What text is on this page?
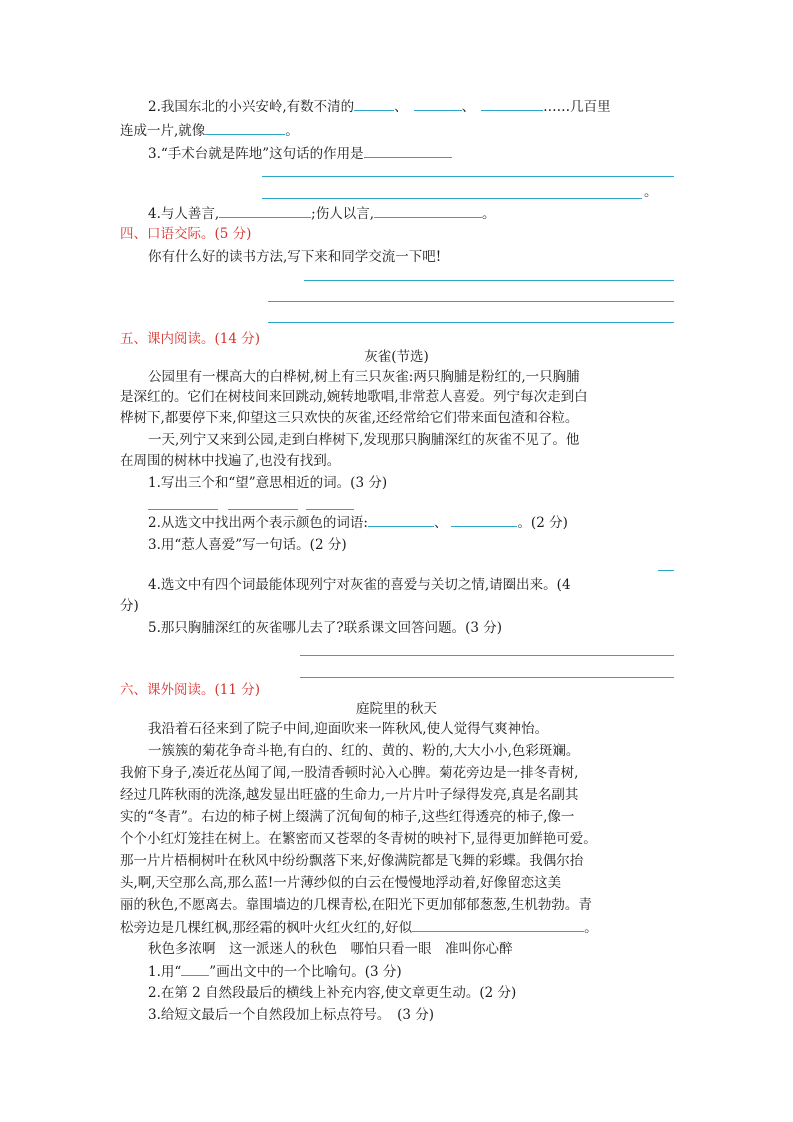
2.我国东北的小兴安岭,有数不清的	、	、	……几百里
连成一片,就像	。
3.“手术台就是阵地”这句话的作用是
。
4.与人善言,	;伤人以言,	。
四、口语交际。(5 分)
你有什么好的读书方法,写下来和同学交流一下吧!
五、课内阅读。(14 分)
灰雀(节选)
公园里有一棵高大的白桦树,树上有三只灰雀:两只胸脯是粉红的,一只胸脯
是深红的。它们在树枝间来回跳动,婉转地歌唱,非常惹人喜爱。列宁每次走到白
桦树下,都要停下来,仰望这三只欢快的灰雀,还经常给它们带来面包渣和谷粒。
一天,列宁又来到公园,走到白桦树下,发现那只胸脯深红的灰雀不见了。他
在周围的树林中找遍了,也没有找到。
1.写出三个和“望”意思相近的词。(3 分)
2.从选文中找出两个表示颜色的词语:	、	。(2 分)
3.用“惹人喜爱”写一句话。(2 分)
4.选文中有四个词最能体现列宁对灰雀的喜爱与关切之情,请圈出来。(4
分)
5.那只胸脯深红的灰雀哪儿去了?联系课文回答问题。(3 分)
六、课外阅读。(11 分)
庭院里的秋天
我沿着石径来到了院子中间,迎面吹来一阵秋风,使人觉得气爽神怡。
一簇簇的菊花争奇斗艳,有白的、红的、黄的、粉的,大大小小,色彩斑斓。
我俯下身子,凑近花丛闻了闻,一股清香顿时沁入心脾。菊花旁边是一排冬青树,
经过几阵秋雨的洗涤,越发显出旺盛的生命力,一片片叶子绿得发亮,真是名副其
实的“冬青”。右边的柿子树上缀满了沉甸甸的柿子,这些红得透亮的柿子,像一
个个小红灯笼挂在树上。在繁密而又苍翠的冬青树的映衬下,显得更加鲜艳可爱。
那一片片梧桐树叶在秋风中纷纷飘落下来,好像满院都是飞舞的彩蝶。我偶尔抬
头,啊,天空那么高,那么蓝!一片薄纱似的白云在慢慢地浮动着,好像留恋这美
丽的秋色,不愿离去。靠围墙边的几棵青松,在阳光下更加郁郁葱葱,生机勃勃。青
松旁边是几棵红枫,那经霜的枫叶火红火红的,好似	。
秋色多浓啊　这一派迷人的秋色　哪怕只看一眼　准叫你心醉
1.用“ ”画出文中的一个比喻句。(3 分)
2.在第 2 自然段最后的横线上补充内容,使文章更生动。(2 分)
3.给短文最后一个自然段加上标点符号。　(3 分)
